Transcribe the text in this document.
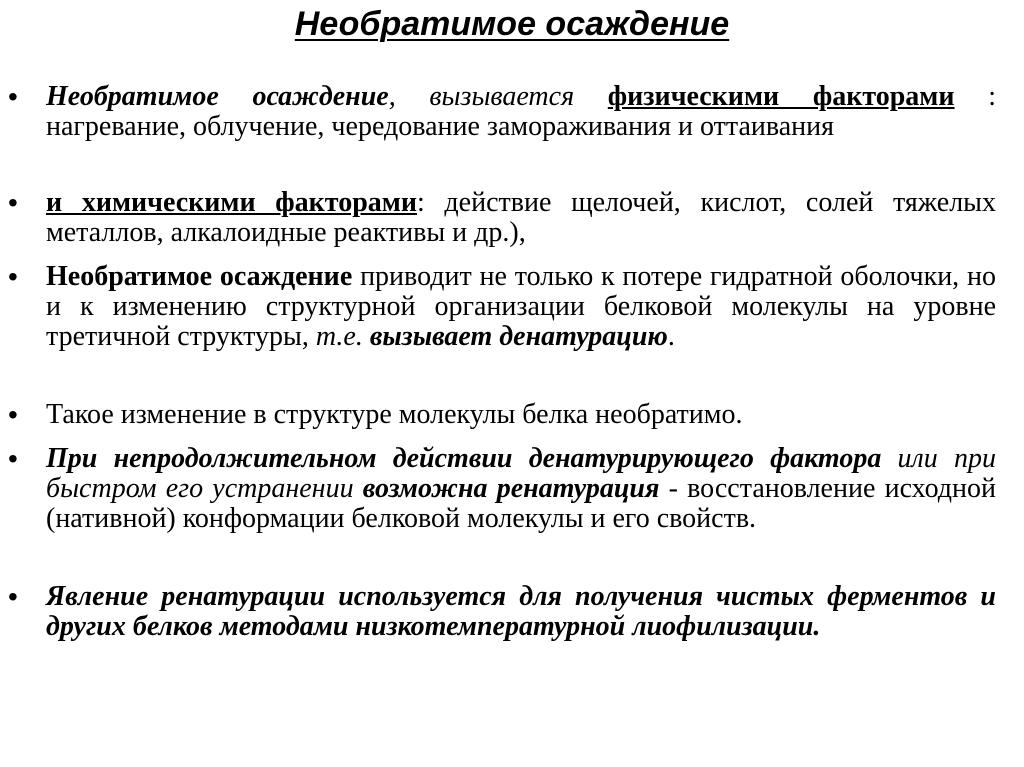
Необратимое осаждение
• Необратимое осаждение, вызывается физическими факторами : нагревание, облучение, чередование замораживания и оттаивания
• и химическими факторами: действие щелочей, кислот, солей тяжелых металлов, алкалоидные реактивы и др.),
• Необратимое осаждение приводит не только к потере гидратной оболочки, но и к изменению структурной организации белковой молекулы на уровне третичной структуры, т.е. вызывает денатурацию.
• Такое изменение в структуре молекулы белка необратимо.
• При непродолжительном действии денатурирующего фактора или при быстром его устранении возможна ренатурация - восстановление исходной (нативной) конформации белковой молекулы и его свойств.
• Явление ренатурации используется для получения чистых ферментов и других белков методами низкотемпературной лиофилизации.
